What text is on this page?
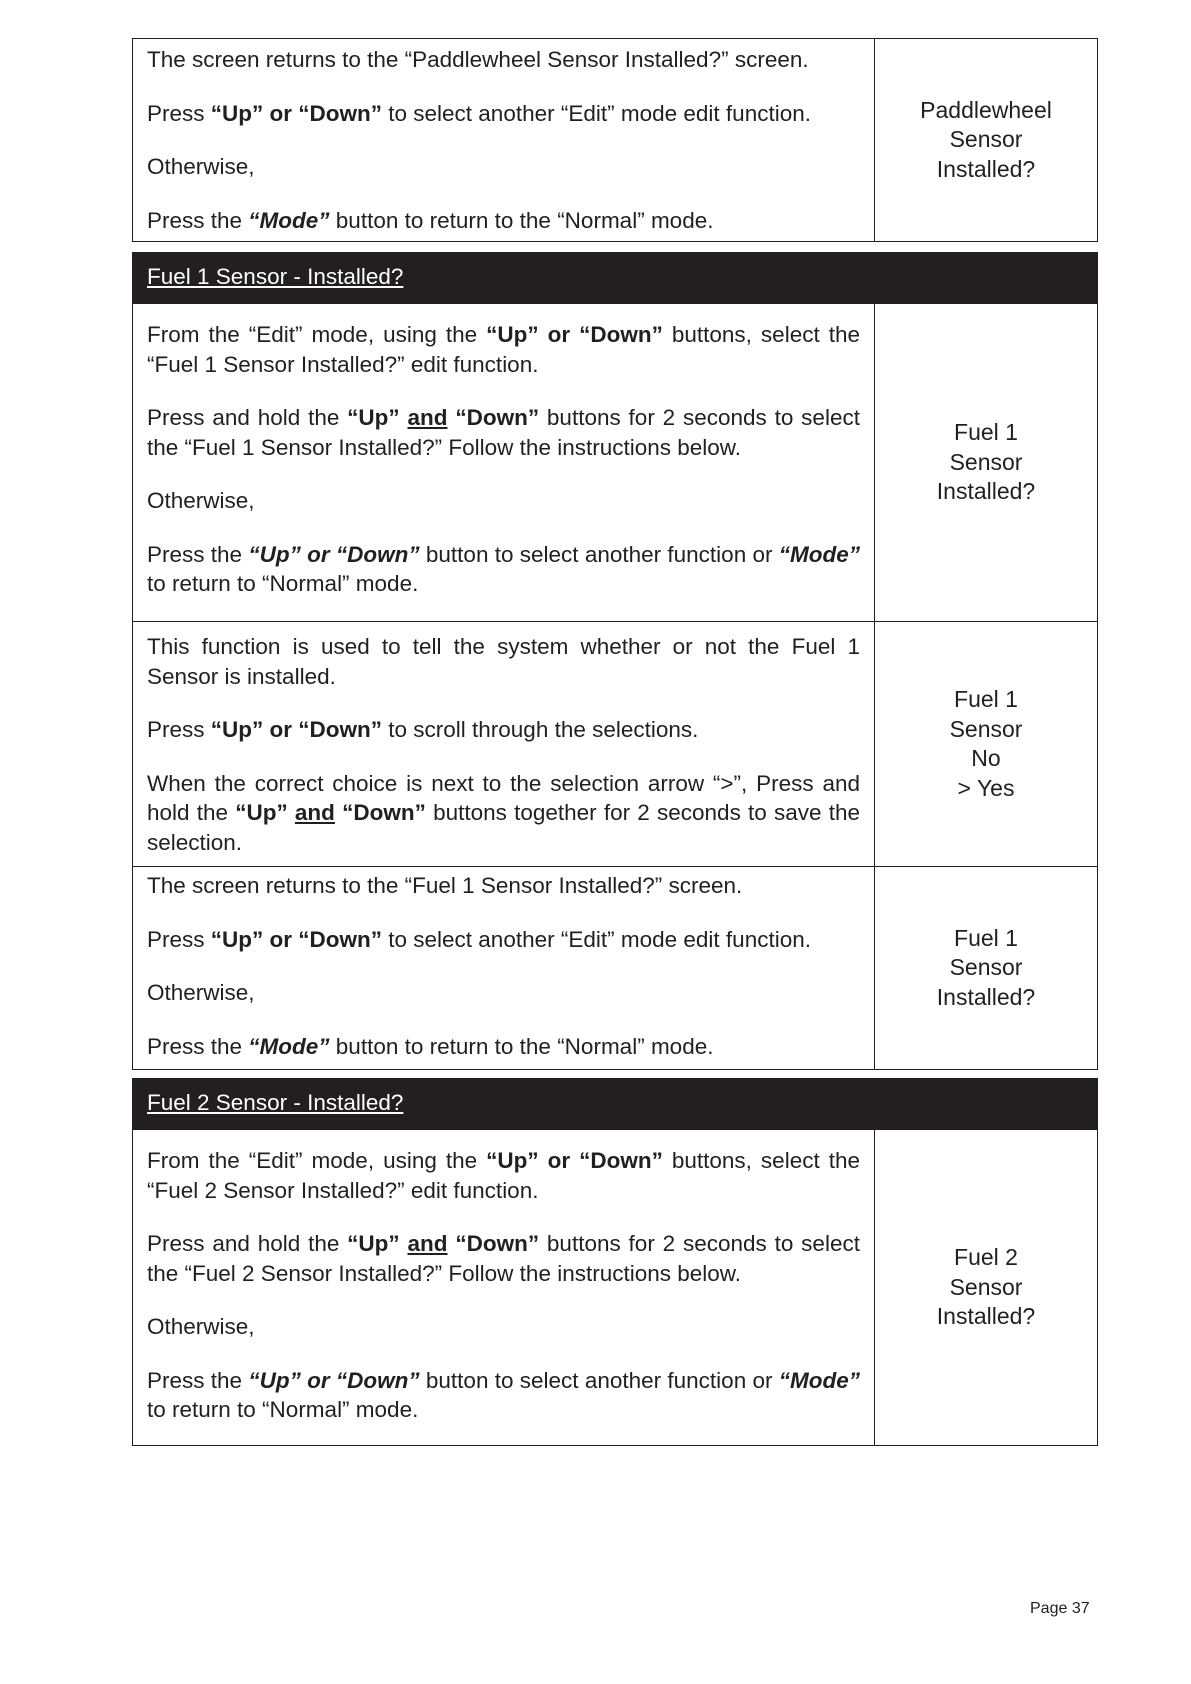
The screen returns to the “Paddlewheel Sensor Installed?” screen.

Press “Up” or “Down” to select another “Edit” mode edit function.

Otherwise,

Press the “Mode” button to return to the “Normal” mode.

Paddlewheel
Sensor
Installed?
Fuel 1 Sensor - Installed?

From the “Edit” mode, using the “Up” or “Down” buttons, select the “Fuel 1 Sensor Installed?” edit function.

Press and hold the “Up” and “Down” buttons for 2 seconds to select the “Fuel 1 Sensor Installed?” Follow the instructions below.

Otherwise,

Press the “Up” or “Down” button to select another function or “Mode” to return to “Normal” mode.

Fuel 1
Sensor
Installed?

This function is used to tell the system whether or not the Fuel 1 Sensor is installed.

Press “Up” or “Down” to scroll through the selections.

When the correct choice is next to the selection arrow “>”, Press and hold the “Up” and “Down” buttons together for 2 seconds to save the selection.

Fuel 1
Sensor
No
> Yes

The screen returns to the “Fuel 1 Sensor Installed?” screen.

Press “Up” or “Down” to select another “Edit” mode edit function.

Otherwise,

Press the “Mode” button to return to the “Normal” mode.

Fuel 1
Sensor
Installed?
Fuel 2 Sensor - Installed?

From the “Edit” mode, using the “Up” or “Down” buttons, select the “Fuel 2 Sensor Installed?” edit function.

Press and hold the “Up” and “Down” buttons for 2 seconds to select the “Fuel 2 Sensor Installed?” Follow the instructions below.

Otherwise,

Press the “Up” or “Down” button to select another function or “Mode” to return to “Normal” mode.

Fuel 2
Sensor
Installed?
Page 37
